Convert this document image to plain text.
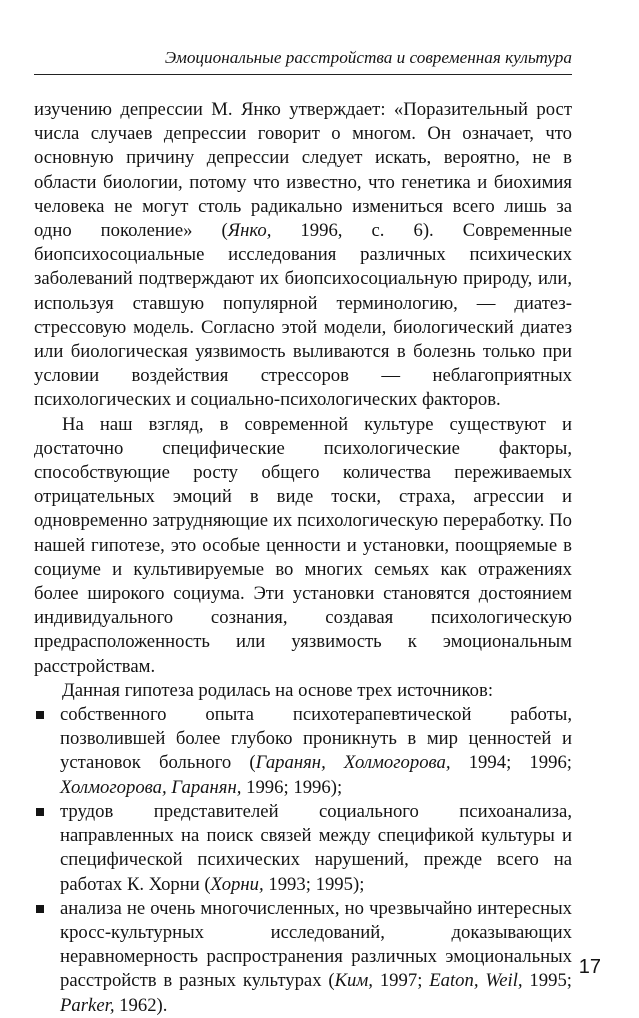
Эмоциональные расстройства и современная культура

изучению депрессии М. Янко утверждает: «Поразительный рост числа случаев депрессии говорит о многом. Он означает, что основную причину депрессии следует искать, вероятно, не в области биологии, потому что известно, что генетика и биохимия человека не могут столь радикально измениться всего лишь за одно поколение» (Янко, 1996, с. 6). Современные биопсихосоциальные исследования различных психических заболеваний подтверждают их биопсихосоциальную природу, или, используя ставшую популярной терминологию, — диатез-стрессовую модель. Согласно этой модели, биологический диатез или биологическая уязвимость выливаются в болезнь только при условии воздействия стрессоров — неблагоприятных психологических и социально-психологических факторов.

На наш взгляд, в современной культуре существуют и достаточно специфические психологические факторы, способствующие росту общего количества переживаемых отрицательных эмоций в виде тоски, страха, агрессии и одновременно затрудняющие их психологическую переработку. По нашей гипотезе, это особые ценности и установки, поощряемые в социуме и культивируемые во многих семьях как отражениях более широкого социума. Эти установки становятся достоянием индивидуального сознания, создавая психологическую предрасположенность или уязвимость к эмоциональным расстройствам.

Данная гипотеза родилась на основе трех источников:

собственного опыта психотерапевтической работы, позволившей более глубоко проникнуть в мир ценностей и установок больного (Гаранян, Холмогорова, 1994; 1996; Холмогорова, Гаранян, 1996; 1996);
трудов представителей социального психоанализа, направленных на поиск связей между спецификой культуры и специфической психических нарушений, прежде всего на работах К. Хорни (Хорни, 1993; 1995);
анализа не очень многочисленных, но чрезвычайно интересных кросс-культурных исследований, доказывающих неравномерность распространения различных эмоциональных расстройств в разных культурах (Ким, 1997; Eaton, Weil, 1995; Parker, 1962).
17
